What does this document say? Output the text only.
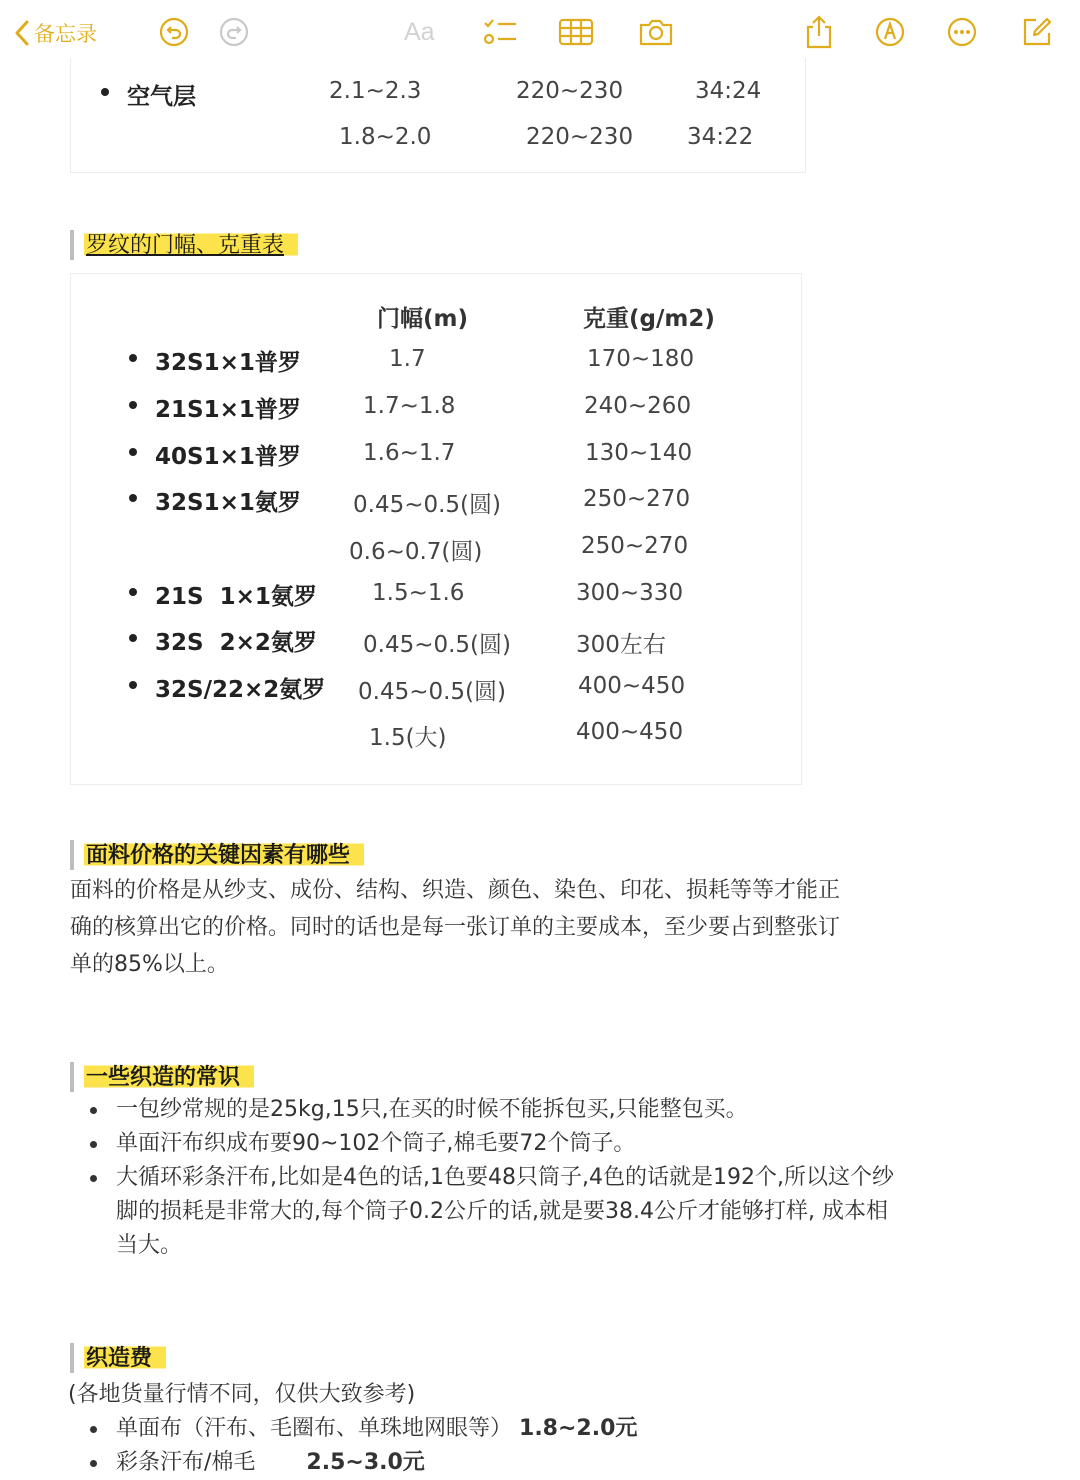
备忘录	Aa
空气层	2.1~2.3	220~230	34:24
1.8~2.0	220~230 34:22
罗纹的门幅、克重表
门幅(m)	克重(g/m2)
32S1×1普罗	1.7	170~180
21S1×1普罗	1.7~1.8	240~260
40S1×1普罗	1.6~1.7	130~140
32S1×1氨罗 0.45~0.5(圆)	250~270
0.6~0.7(圆)	250~270
21S  1×1氨罗 1.5~1.6	300~330
32S  2×2氨罗 0.45~0.5(圆)	300左右
32S/22×2氨罗 0.45~0.5(圆)	400~450
1.5(大)	400~450
面料价格的关键因素有哪些
面料的价格是从纱支、成份、结构、织造、颜色、染色、印花、损耗等等才能正
确的核算出它的价格。同时的话也是每一张订单的主要成本，至少要占到整张订
单的85%以上。
一些织造的常识
一包纱常规的是25kg,15只,在买的时候不能拆包买,只能整包买。
单面汗布织成布要90~102个筒子,棉毛要72个筒子。
大循环彩条汗布,比如是4色的话,1色要48只筒子,4色的话就是192个,所以这个纱
脚的损耗是非常大的,每个筒子0.2公斤的话,就是要38.4公斤才能够打样, 成本相
当大。
织造费
(各地货量行情不同，仅供大致参考)
单面布（汗布、毛圈布、单珠地网眼等） 1.8~2.0元
彩条汗布/棉毛 2.5~3.0元
